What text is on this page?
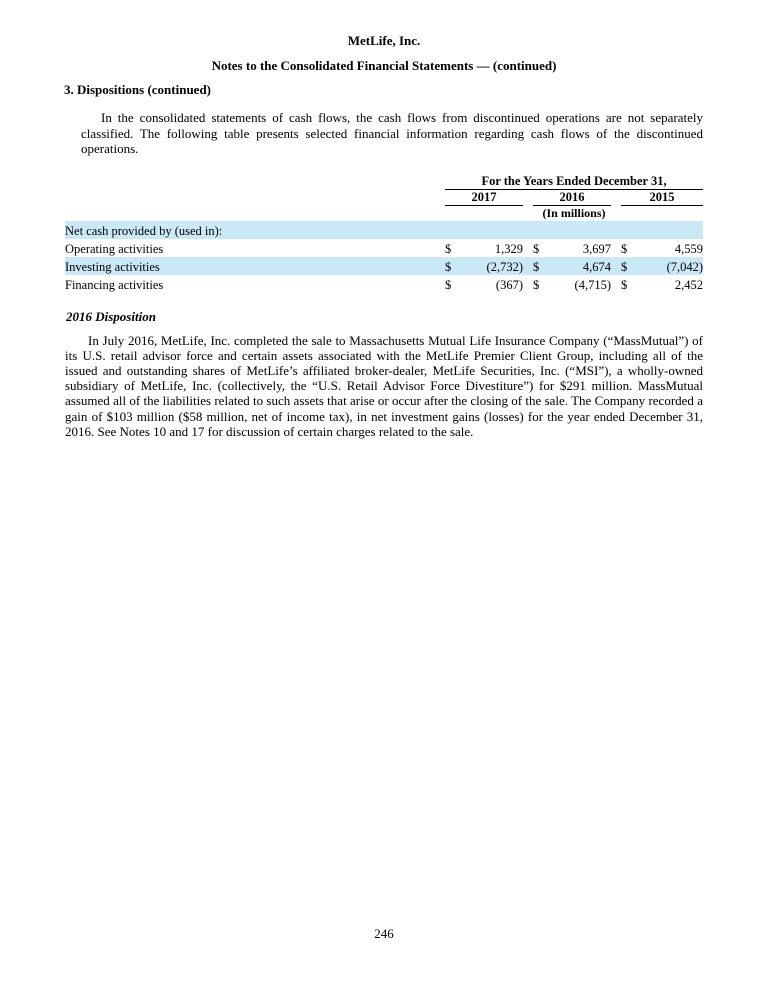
MetLife, Inc.
Notes to the Consolidated Financial Statements — (continued)
3. Dispositions (continued)
In the consolidated statements of cash flows, the cash flows from discontinued operations are not separately classified. The following table presents selected financial information regarding cash flows of the discontinued operations.
	For the Years Ended December 31,							
	2017			2016			2015	
	(In millions)							
Net cash provided by (used in):								
Operating activities	$	1,329		$	3,697		$	4,559
Investing activities	$	(2,732)		$	4,674		$	(7,042)
Financing activities	$	(367)		$	(4,715)		$	2,452
2016 Disposition
In July 2016, MetLife, Inc. completed the sale to Massachusetts Mutual Life Insurance Company (“MassMutual”) of its U.S. retail advisor force and certain assets associated with the MetLife Premier Client Group, including all of the issued and outstanding shares of MetLife’s affiliated broker-dealer, MetLife Securities, Inc. (“MSI”), a wholly-owned subsidiary of MetLife, Inc. (collectively, the “U.S. Retail Advisor Force Divestiture”) for $291 million. MassMutual assumed all of the liabilities related to such assets that arise or occur after the closing of the sale. The Company recorded a gain of $103 million ($58 million, net of income tax), in net investment gains (losses) for the year ended December 31, 2016. See Notes 10 and 17 for discussion of certain charges related to the sale.
246
